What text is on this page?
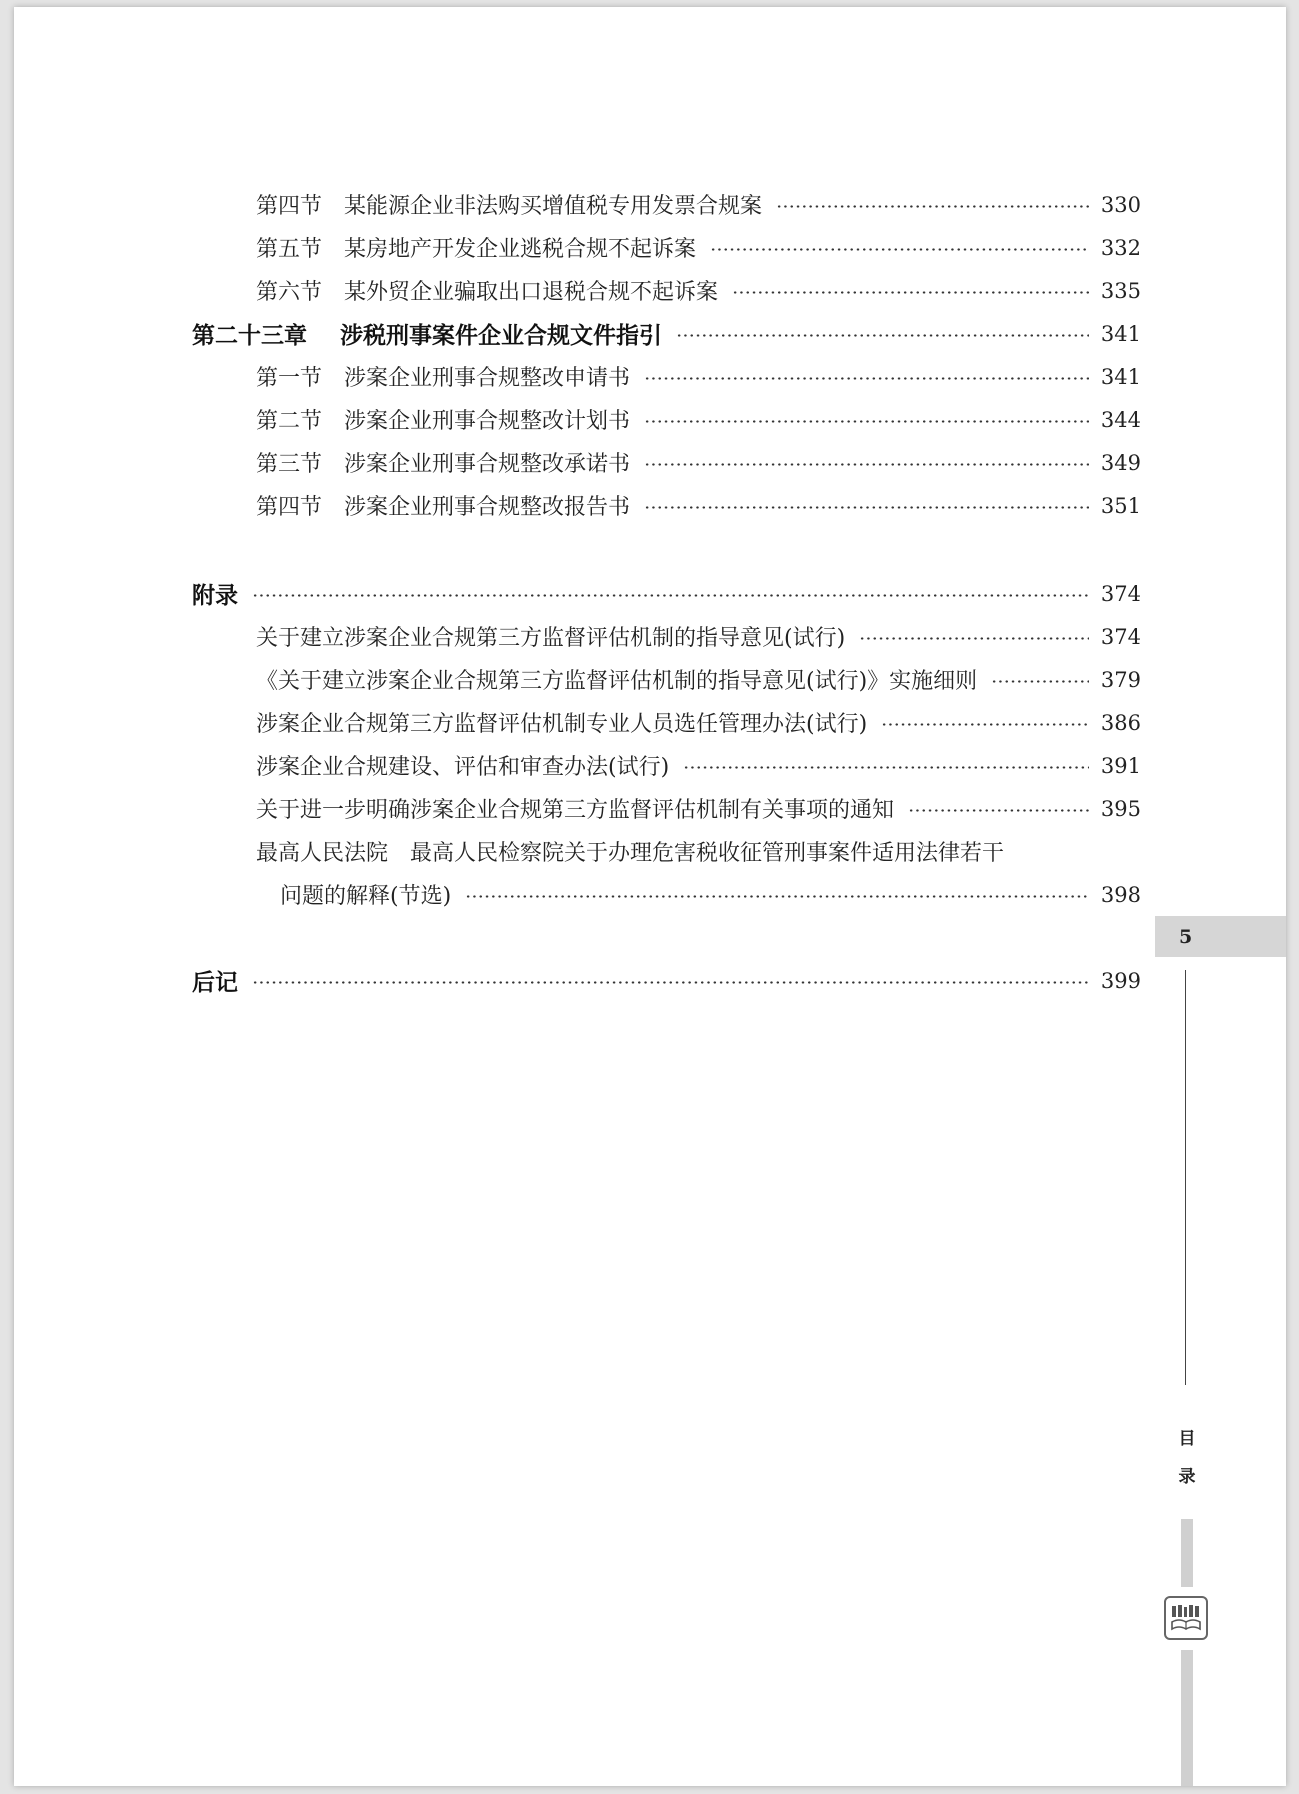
第四节 某能源企业非法购买增值税专用发票合规案	330
第五节 某房地产开发企业逃税合规不起诉案	332
第六节 某外贸企业骗取出口退税合规不起诉案	335
第二十三章	涉税刑事案件企业合规文件指引	341
第一节 涉案企业刑事合规整改申请书	341
第二节 涉案企业刑事合规整改计划书	344
第三节 涉案企业刑事合规整改承诺书	349
第四节 涉案企业刑事合规整改报告书	351
附录	374
关于建立涉案企业合规第三方监督评估机制的指导意见(试行)	374
《关于建立涉案企业合规第三方监督评估机制的指导意见(试行)》实施细则	379
涉案企业合规第三方监督评估机制专业人员选任管理办法(试行)	386
涉案企业合规建设、评估和审查办法(试行)	391
关于进一步明确涉案企业合规第三方监督评估机制有关事项的通知	395
最高人民法院　最高人民检察院关于办理危害税收征管刑事案件适用法律若干
问题的解释(节选)	398
后记	399
5
目
录
